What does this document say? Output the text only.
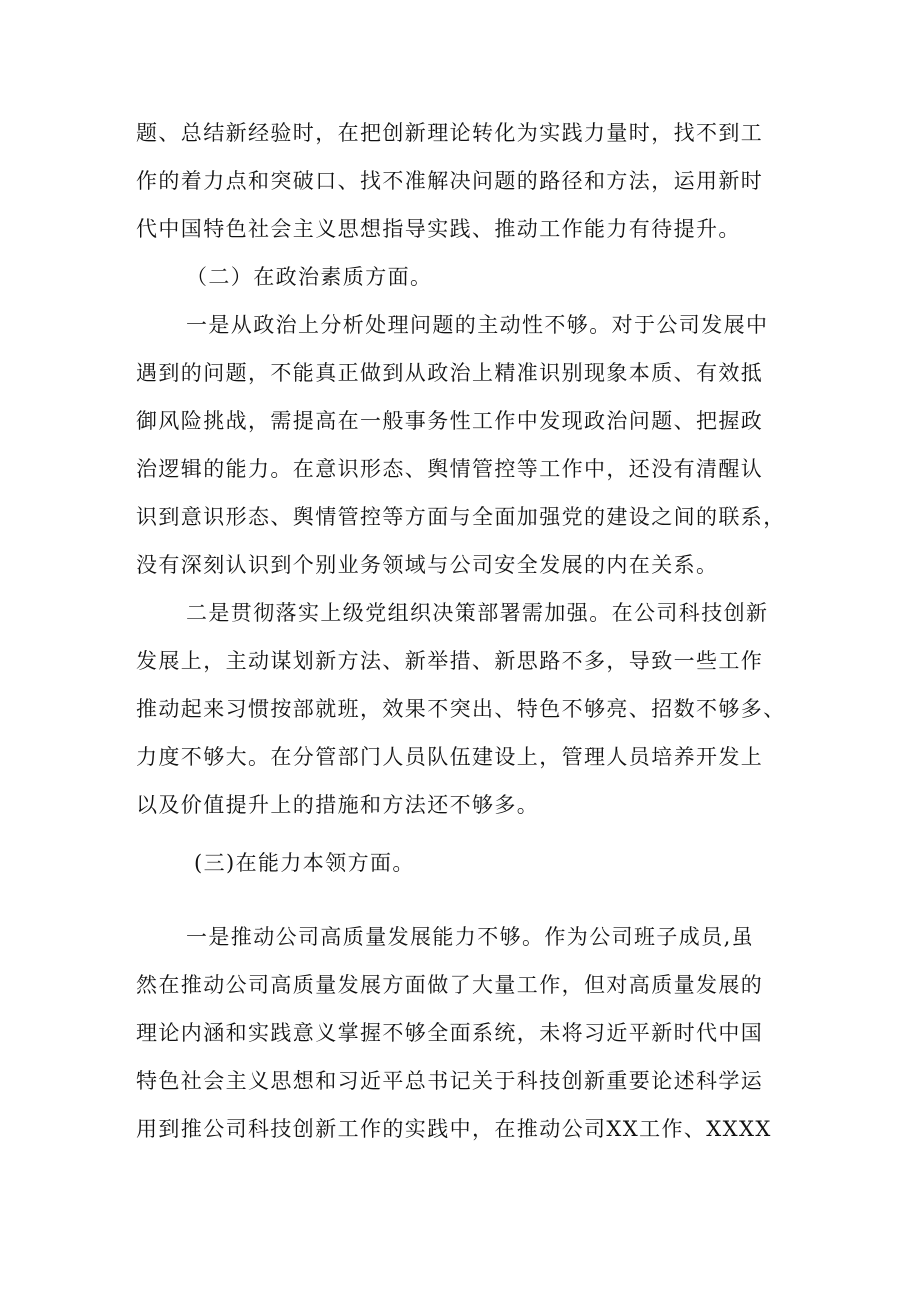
题、总结新经验时，在把创新理论转化为实践力量时，找不到工
作的着力点和突破口、找不准解决问题的路径和方法，运用新时
代中国特色社会主义思想指导实践、推动工作能力有待提升。
（二）在政治素质方面。
一是从政治上分析处理问题的主动性不够。对于公司发展中
遇到的问题，不能真正做到从政治上精准识别现象本质、有效抵
御风险挑战，需提高在一般事务性工作中发现政治问题、把握政
治逻辑的能力。在意识形态、舆情管控等工作中，还没有清醒认
识到意识形态、舆情管控等方面与全面加强党的建设之间的联系，
没有深刻认识到个别业务领域与公司安全发展的内在关系。
二是贯彻落实上级党组织决策部署需加强。在公司科技创新
发展上，主动谋划新方法、新举措、新思路不多，导致一些工作
推动起来习惯按部就班，效果不突出、特色不够亮、招数不够多、
力度不够大。在分管部门人员队伍建设上，管理人员培养开发上
以及价值提升上的措施和方法还不够多。
(三)在能力本领方面。
一是推动公司高质量发展能力不够。作为公司班子成员,虽
然在推动公司高质量发展方面做了大量工作，但对高质量发展的
理论内涵和实践意义掌握不够全面系统，未将习近平新时代中国
特色社会主义思想和习近平总书记关于科技创新重要论述科学运
用到推公司科技创新工作的实践中，在推动公司XX工作、XXXX
